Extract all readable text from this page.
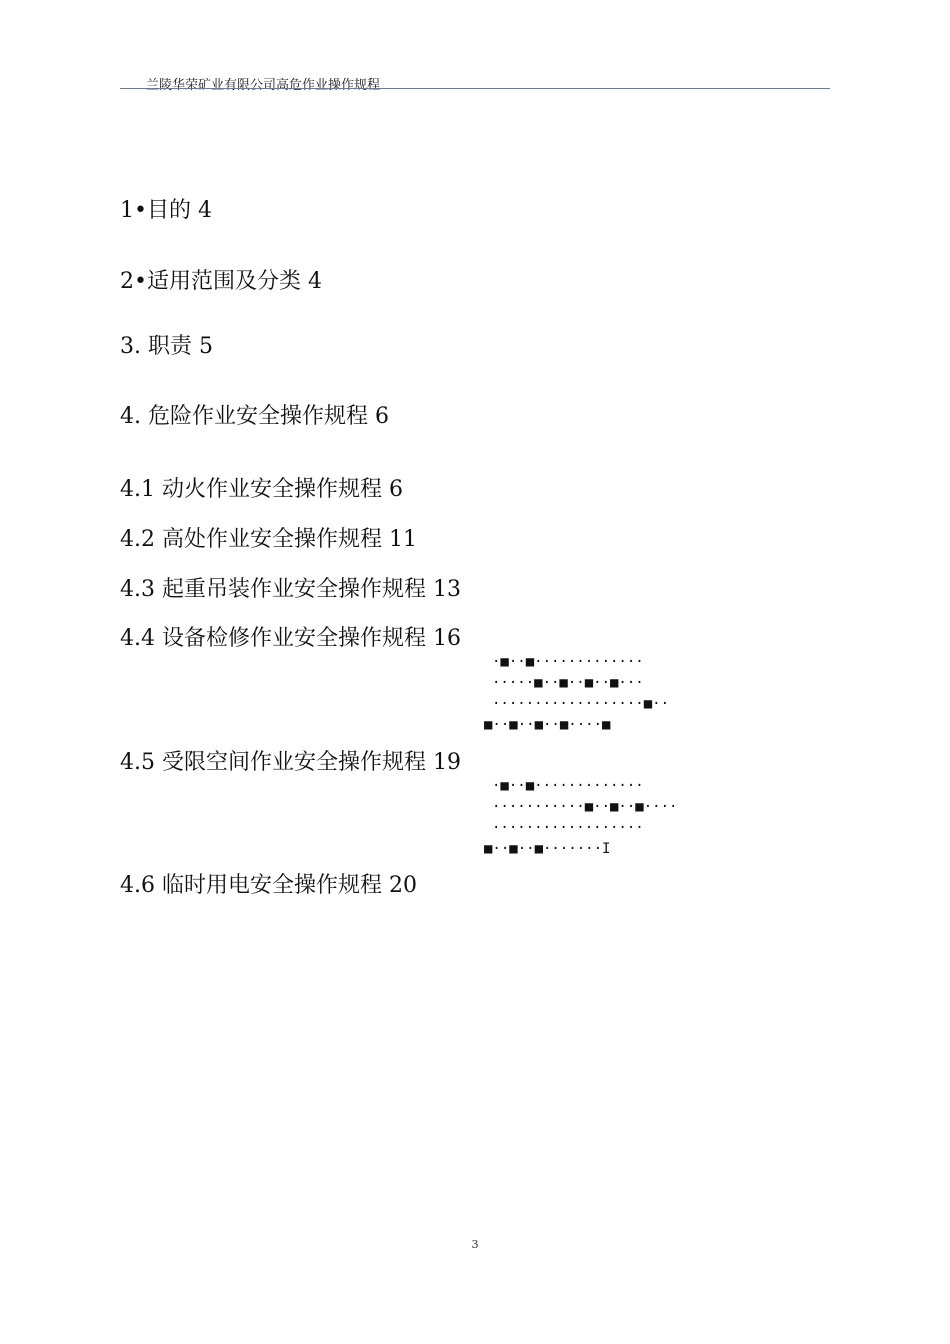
兰陵华荣矿业有限公司高危作业操作规程
1•目的 4
2•适用范围及分类 4
3. 职责 5
4. 危险作业安全操作规程 6
4.1 动火作业安全操作规程 6
4.2 高处作业安全操作规程 11
4.3 起重吊装作业安全操作规程 13
4.4 设备检修作业安全操作规程 16
4.5 受限空间作业安全操作规程 19
4.6 临时用电安全操作规程 20
·■··■·············
·····■··■··■··■···
··················■··
■··■··■··■····■
·■··■·············
···········■··■··■····
··················
■··■··■·······I
3
